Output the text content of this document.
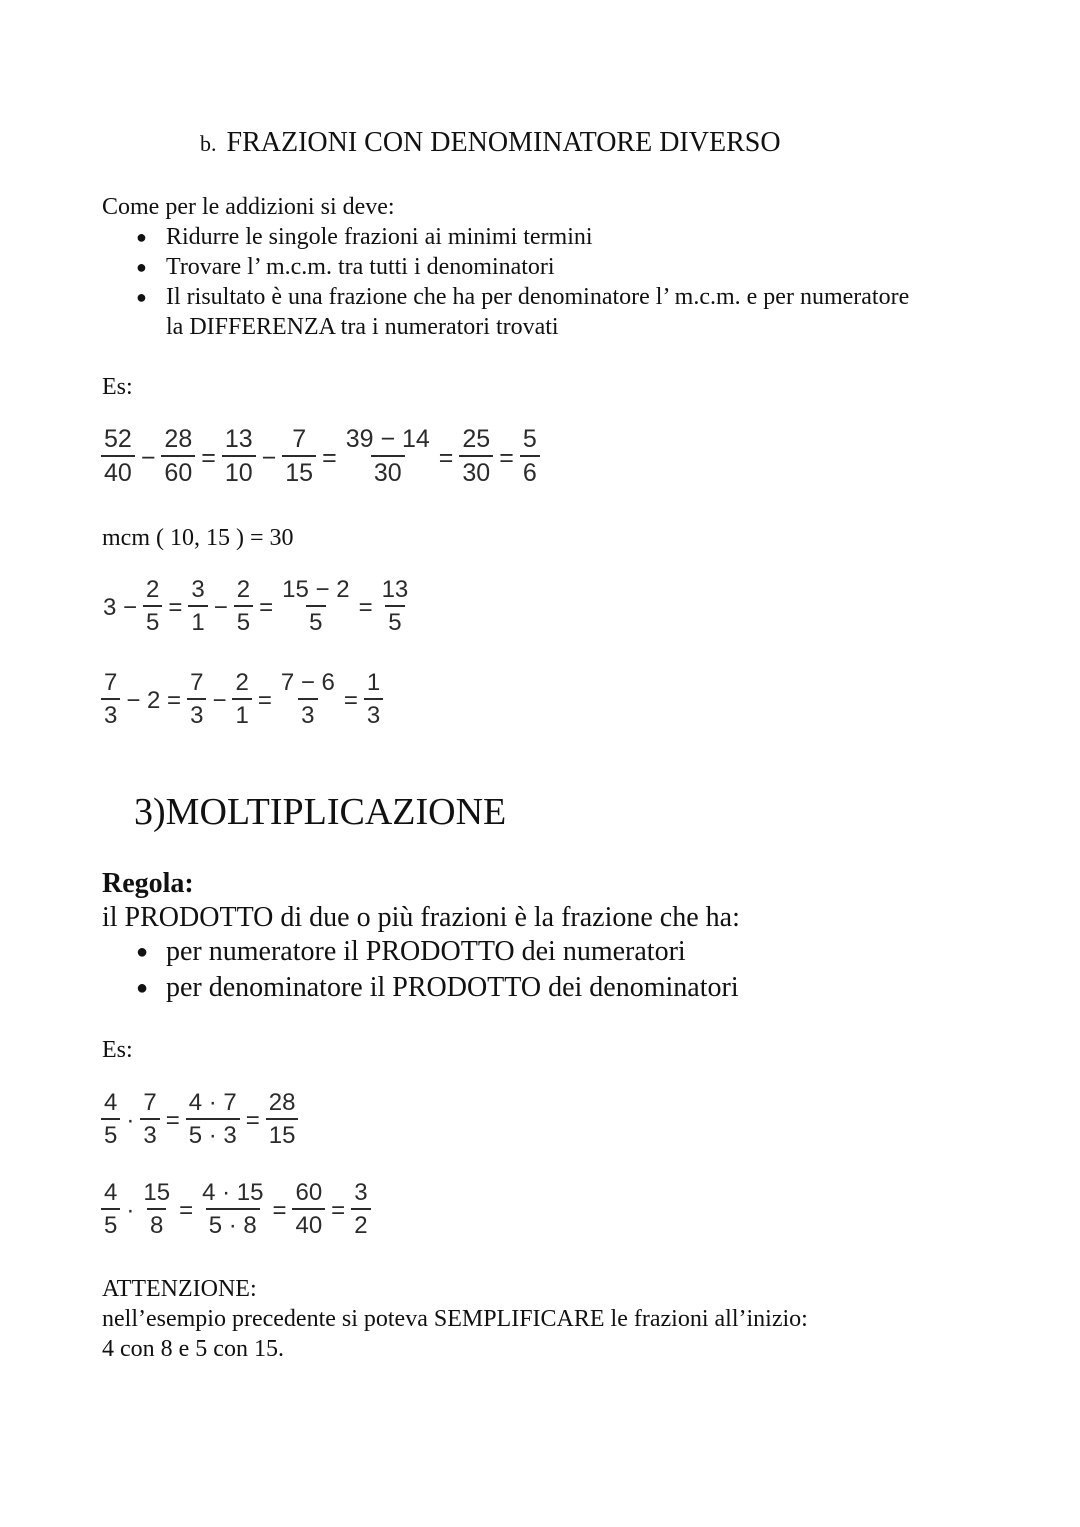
b. FRAZIONI CON DENOMINATORE DIVERSO
Come per le addizioni si deve:
● Ridurre le singole frazioni ai minimi termini
● Trovare l’ m.c.m. tra tutti i denominatori
● Il risultato è una frazione che ha per denominatore l’ m.c.m. e per numeratore
la DIFFERENZA tra i numeratori trovati
Es:
$\frac{52}{40} - \frac{28}{60} = \frac{13}{10} - \frac{7}{15} = \frac{39 - 14}{30} = \frac{25}{30} = \frac{5}{6}$
mcm ( 10, 15 ) = 30
$3 - \frac{2}{5} = \frac{3}{1} - \frac{2}{5} = \frac{15 - 2}{5} = \frac{13}{5}$
$\frac{7}{3} - 2 = \frac{7}{3} - \frac{2}{1} = \frac{7 - 6}{3} = \frac{1}{3}$
3)MOLTIPLICAZIONE
Regola:
il PRODOTTO di due o più frazioni è la frazione che ha:
● per numeratore il PRODOTTO dei numeratori
● per denominatore il PRODOTTO dei denominatori
Es:
$\frac{4}{5} \cdot \frac{7}{3} = \frac{4 \cdot 7}{5 \cdot 3} = \frac{28}{15}$
$\frac{4}{5} \cdot \frac{15}{8} = \frac{4 \cdot 15}{5 \cdot 8} = \frac{60}{40} = \frac{3}{2}$
ATTENZIONE:
nell’esempio precedente si poteva SEMPLIFICARE le frazioni all’inizio:
4 con 8 e 5 con 15.
